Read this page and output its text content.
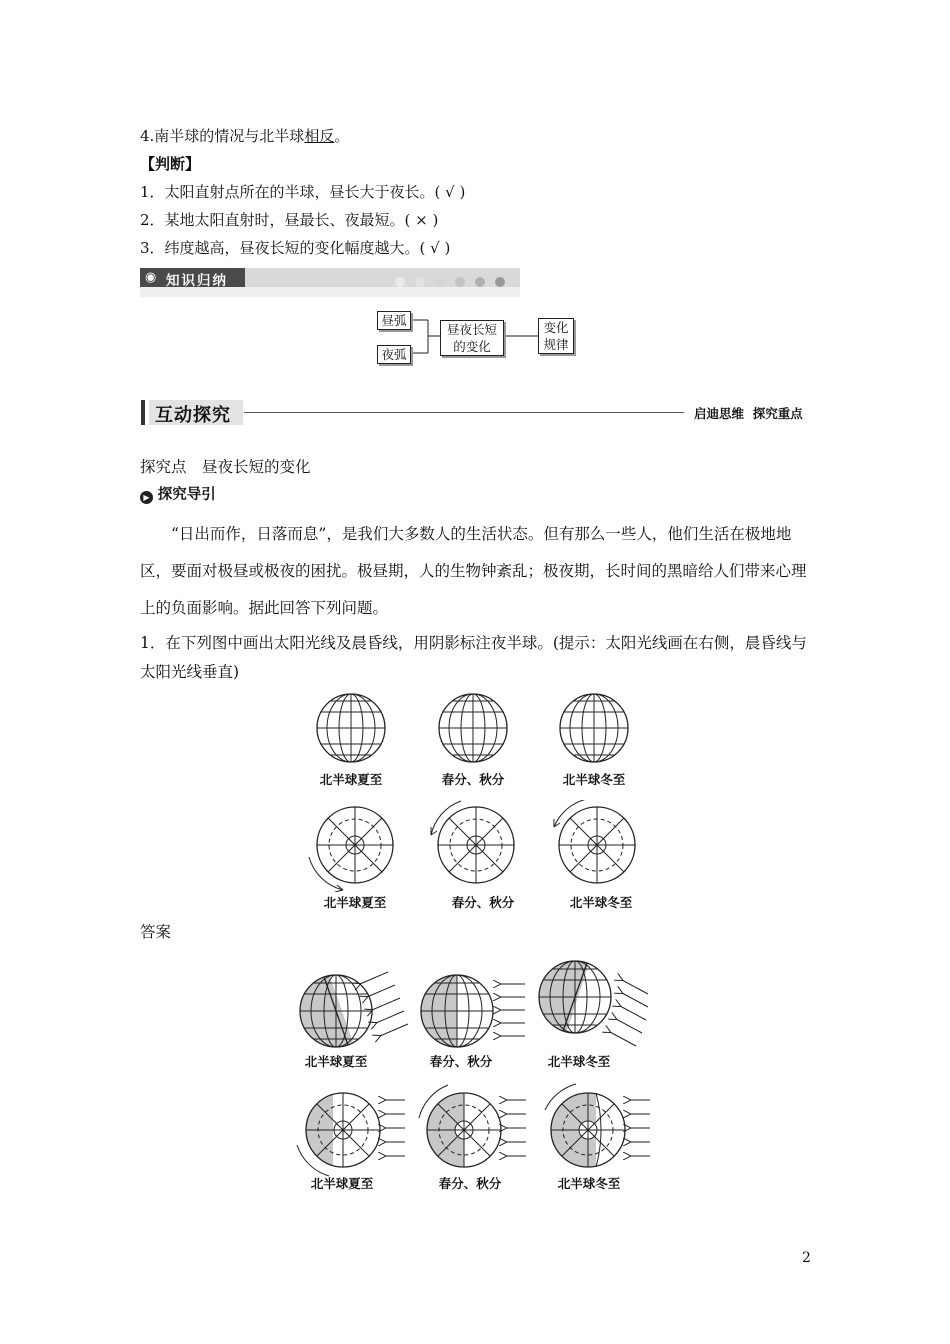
4.南半球的情况与北半球相反。
【判断】
1．太阳直射点所在的半球，昼长大于夜长。( √ )
2．某地太阳直射时，昼最长、夜最短。( × )
3．纬度越高，昼夜长短的变化幅度越大。( √ )
◉ 知识归纳
昼弧
夜弧
昼夜长短的变化
变化规律
互动探究	启迪思维  探究重点
探究点　昼夜长短的变化
▶ 探究导引
“日出而作，日落而息”，是我们大多数人的生活状态。但有那么一些人，他们生活在极地地区，要面对极昼或极夜的困扰。极昼期，人的生物钟紊乱；极夜期，长时间的黑暗给人们带来心理上的负面影响。据此回答下列问题。
1．在下列图中画出太阳光线及晨昏线，用阴影标注夜半球。(提示：太阳光线画在右侧，晨昏线与太阳光线垂直)
北半球夏至	春分、秋分	北半球冬至
北半球夏至	春分、秋分	北半球冬至
答案
北半球夏至	春分、秋分	北半球冬至
北半球夏至	春分、秋分	北半球冬至
2
